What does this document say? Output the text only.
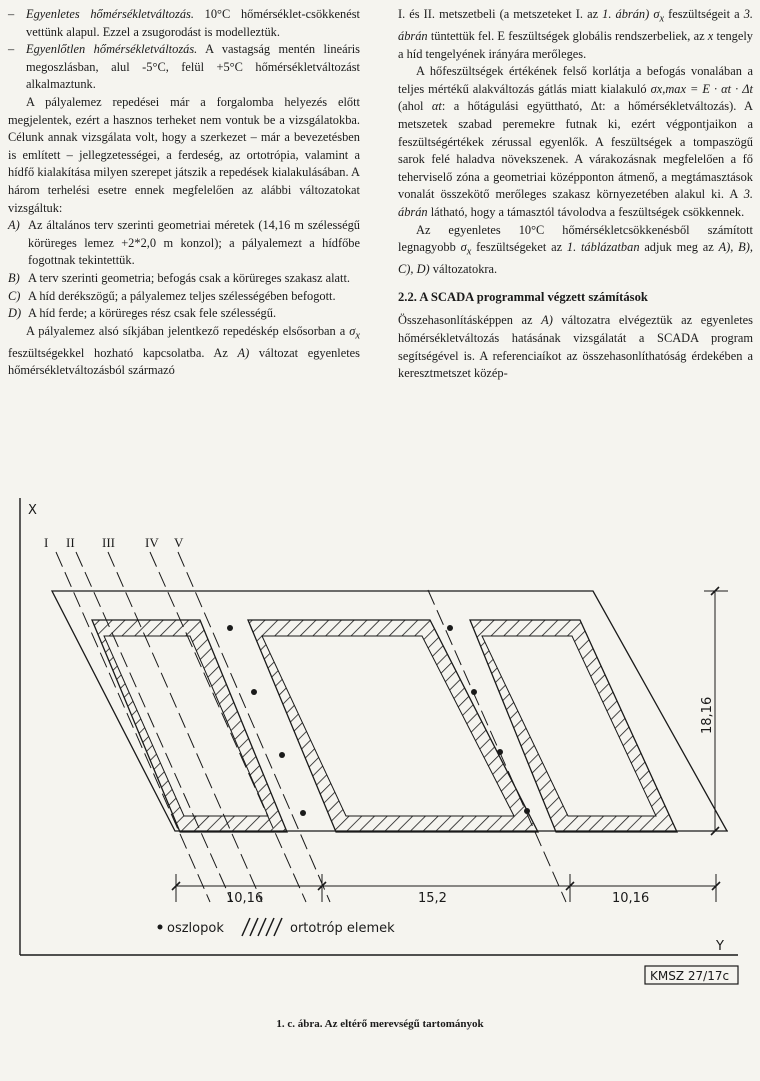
– Egyenletes hőmérsékletváltozás. 10°C hőmérséklet-csökkenést vettünk alapul. Ezzel a zsugorodást is modelleztük.
– Egyenlőtlen hőmérsékletváltozás. A vastagság mentén lineáris megoszlásban, alul -5°C, felül +5°C hőmérsékletváltozást alkalmaztunk.

A pályalemez repedései már a forgalomba helyezés előtt megjelentek, ezért a hasznos terheket nem vontuk be a vizsgálatokba. Célunk annak vizsgálata volt, hogy a szerkezet – már a bevezetésben is említett – jellegzetességei, a ferdeség, az ortotrópia, valamint a hídfő kialakítása milyen szerepet játszik a repedések kialakulásában. A három terhelési esetre ennek megfelelően az alábbi változatokat vizsgáltuk:

A) Az általános terv szerinti geometriai méretek (14,16 m szélességű körüreges lemez +2*2,0 m konzol); a pályalemezt a hídfőbe fogottnak tekintettük.
B) A terv szerinti geometria; befogás csak a körüreges szakasz alatt.
C) A híd derékszögű; a pályalemez teljes szélességében befogott.
D) A híd ferde; a körüreges rész csak fele szélességű.

A pályalemez alsó síkjában jelentkező repedéskép elsősorban a $\sigma_x$ feszültségekkel hozható kapcsolatba. Az A) változat egyenletes hőmérsékletváltozásból származó

I. és II. metszetbeli (a metszeteket I. az 1. ábrán) $\sigma_x$ feszültségeit a 3. ábrán tüntettük fel. E feszültségek globális rendszerbeliek, az x tengely a híd tengelyének irányára merőleges.

A hőfeszültségek értékének felső korlátja a befogás vonalában a teljes mértékű alakváltozás gátlás miatt kialakuló σx,max = E · αt · Δt (ahol αt: a hőtágulási együttható, Δt: a hőmérsékletváltozás). A metszetek szabad peremekre futnak ki, ezért végpontjaikon a feszültségértékek zérussal egyenlők. A feszültségek a tompaszögű sarok felé haladva növekszenek. A várakozásnak megfelelően a fő teherviselő zóna a geometriai középponton átmenő, a megtámasztások vonalát összekötő merőleges szakasz környezetében alakul ki. A 3. ábrán látható, hogy a támasztól távolodva a feszültségek csökkennek.

Az egyenletes 10°C hőmérsékletcsökkenésből számított legnagyobb $\sigma_x$ feszültségeket az 1. táblázatban adjuk meg az A), B), C), D) változatokra.

2.2. A SCADA programmal végzett számítások

Összehasonlításképpen az A) változatra elvégeztük az egyenletes hőmérsékletváltozás hatásának vizsgálatát a SCADA program segítségével is. A referenciaíkot az összehasonlíthatóság érdekében a keresztmetszet közép-

X
Y
I II III IV V
10,16	15,2	10,16
18,16
oszlopok	ortotróp elemek
KMSZ 27/17c
1. c. ábra. Az eltérő merevségű tartományok
